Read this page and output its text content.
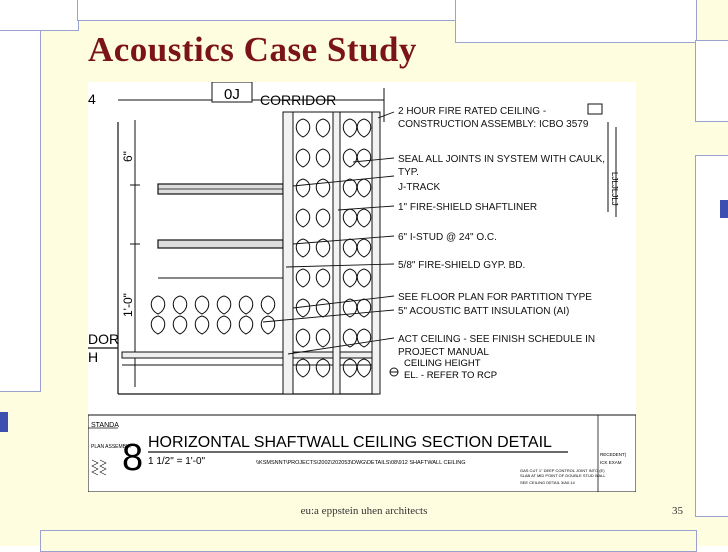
Acoustics Case Study
4
DOR
H
0J CORRIDOR
6"
1'-0"
2 HOUR FIRE RATED CEILING -
CONSTRUCTION ASSEMBLY: ICBO 3579
SEAL ALL JOINTS IN SYSTEM WITH CAULK,
TYP.
J-TRACK
1" FIRE-SHIELD SHAFTLINER
6" I-STUD @ 24" O.C.
5/8" FIRE-SHIELD GYP. BD.
SEE FLOOR PLAN FOR PARTITION TYPE
5" ACOUSTIC BATT INSULATION (AI)
ACT CEILING - SEE FINISH SCHEDULE IN
PROJECT MANUAL
CEILING HEIGHT
EL. - REFER TO RCP
LJLJLJLJ
STANDA
PLAN ASSEMBLY
8 HORIZONTAL SHAFTWALL CEILING SECTION DETAIL
1 1/2" = 1'-0"	\\KSMSNNT\PROJECTS\2002\202053\DWG\DETAILS\08\912 SHAFTWALL CEILING
RECEDENT)
ICK EXAM
GAS CUT 1" DEEP CONTROL JOINT INTO (E)
SLAB AT MID POINT OF DOUBLE STUD WALL
SEE CEILING DETAIL 3/A0.14
eu:a eppstein uhen architects	35
